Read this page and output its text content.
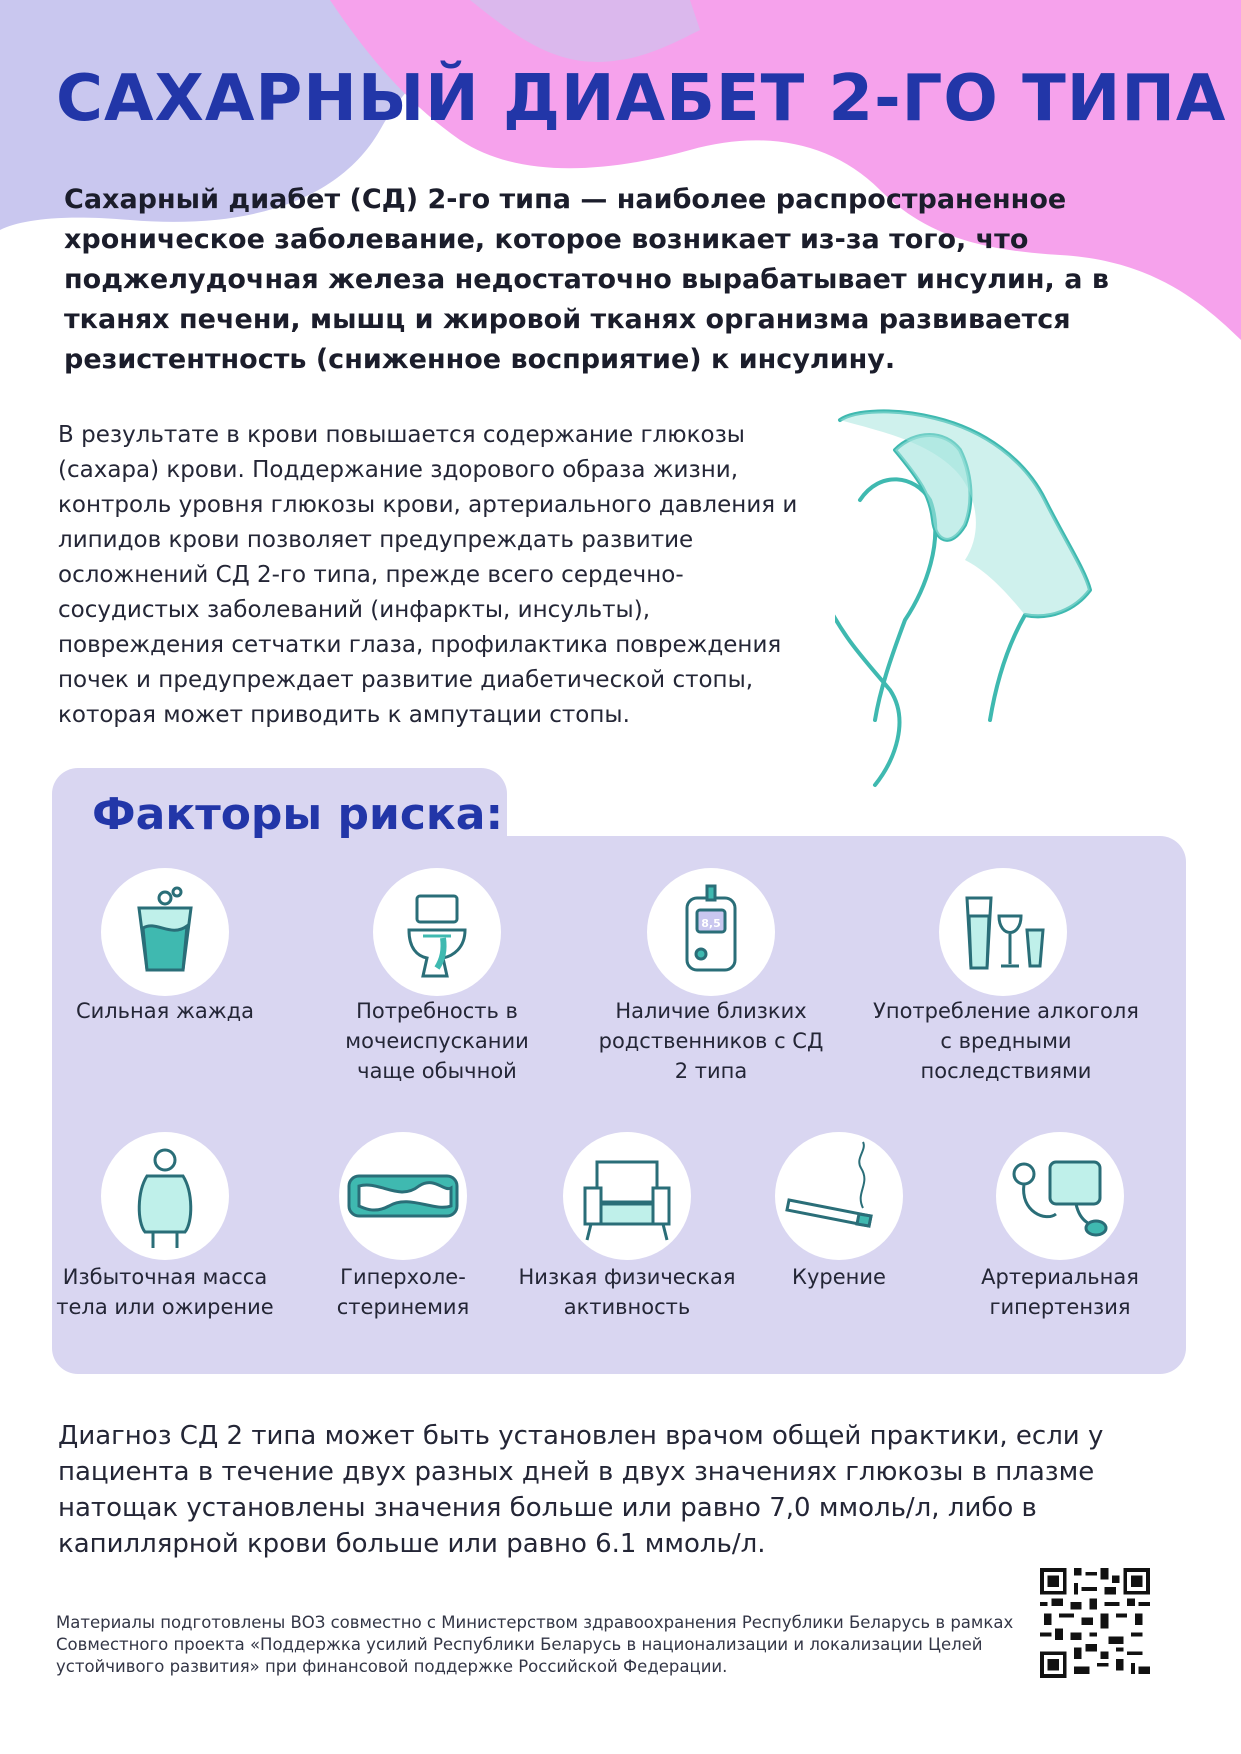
САХАРНЫЙ ДИАБЕТ 2-ГО ТИПА

Сахарный диабет (СД) 2-го типа — наиболее распространенное хроническое заболевание, которое возникает из-за того, что поджелудочная железа недостаточно вырабатывает инсулин, а в тканях печени, мышц и жировой тканях организма развивается резистентность (сниженное восприятие) к инсулину.

В результате в крови повышается содержание глюкозы (сахара) крови. Поддержание здорового образа жизни, контроль уровня глюкозы крови, артериального давления и липидов крови позволяет предупреждать развитие осложнений СД 2-го типа, прежде всего сердечно-сосудистых заболеваний (инфаркты, инсульты), повреждения сетчатки глаза, профилактика повреждения почек и предупреждает развитие диабетической стопы, которая может приводить к ампутации стопы.

Факторы риска:

Сильная жажда	Потребность в мочеиспускании чаще обычной

8,5

Наличие близких родственников с СД 2 типа

Употребление алкоголя с вредными последствиями

Избыточная масса тела или ожирение

Гиперхоле-стеринемия

Низкая физическая активность

Курение	Артериальная гипертензия

Диагноз СД 2 типа может быть установлен врачом общей практики, если у пациента в течение двух разных дней в двух значениях глюкозы в плазме натощак установлены значения больше или равно 7,0 ммоль/л, либо в капиллярной крови больше или равно 6.1 ммоль/л.

Материалы подготовлены ВОЗ совместно с Министерством здравоохранения Республики Беларусь в рамках Совместного проекта «Поддержка усилий Республики Беларусь в национализации и локализации Целей устойчивого развития» при финансовой поддержке Российской Федерации.
